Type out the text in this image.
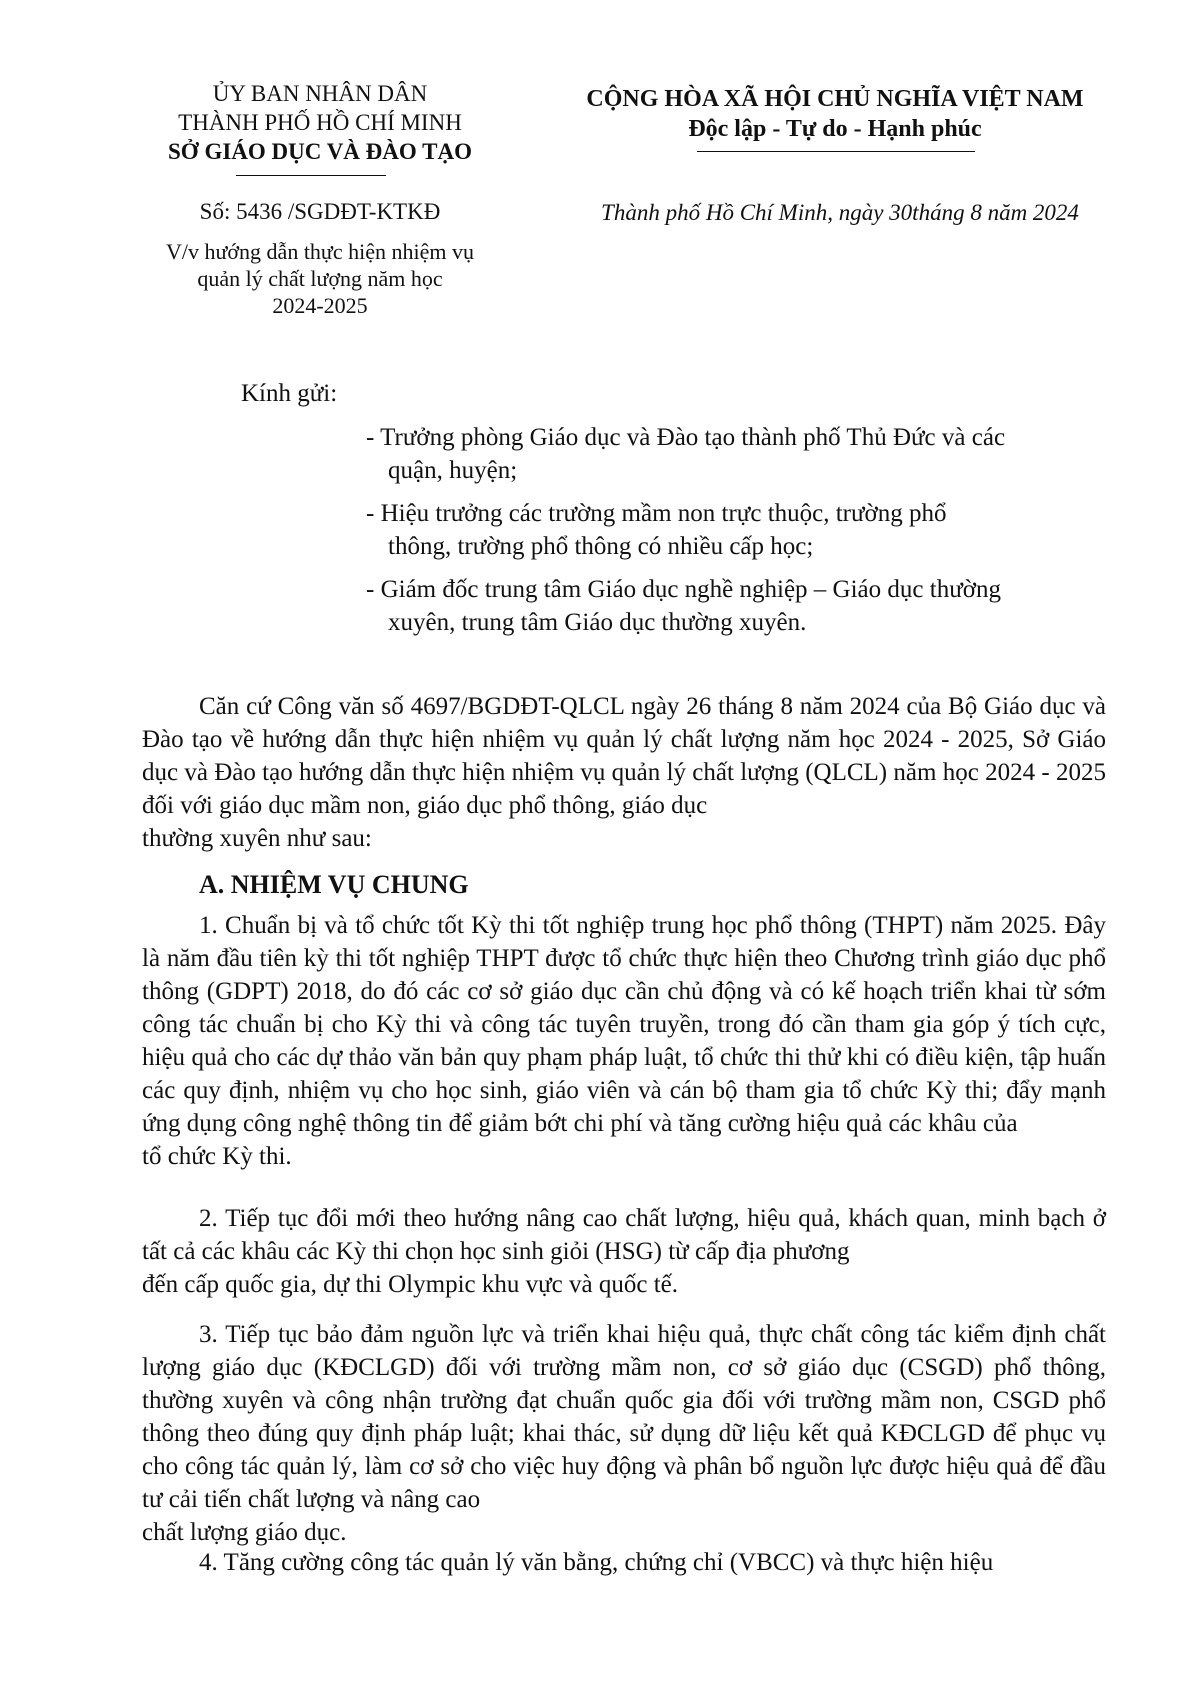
ỦY BAN NHÂN DÂN
THÀNH PHỐ HỒ CHÍ MINH
SỞ GIÁO DỤC VÀ ĐÀO TẠO
CỘNG HÒA XÃ HỘI CHỦ NGHĨA VIỆT NAM
Độc lập - Tự do - Hạnh phúc
Số: 5436 /SGDĐT-KTKĐ	Thành phố Hồ Chí Minh, ngày 30tháng 8 năm 2024
V/v hướng dẫn thực hiện nhiệm vụ
quản lý chất lượng năm học
2024-2025
Kính gửi:
- Trưởng phòng Giáo dục và Đào tạo thành phố Thủ Đức và các
quận, huyện;
- Hiệu trưởng các trường mầm non trực thuộc, trường phổ
thông, trường phổ thông có nhiều cấp học;
- Giám đốc trung tâm Giáo dục nghề nghiệp – Giáo dục thường
xuyên, trung tâm Giáo dục thường xuyên.
Căn cứ Công văn số 4697/BGDĐT-QLCL ngày 26 tháng 8 năm 2024 của Bộ Giáo dục và Đào tạo về hướng dẫn thực hiện nhiệm vụ quản lý chất lượng năm học 2024 - 2025, Sở Giáo dục và Đào tạo hướng dẫn thực hiện nhiệm vụ quản lý chất lượng (QLCL) năm học 2024 - 2025 đối với giáo dục mầm non, giáo dục phổ thông, giáo dục
thường xuyên như sau:
A. NHIỆM VỤ CHUNG
1. Chuẩn bị và tổ chức tốt Kỳ thi tốt nghiệp trung học phổ thông (THPT) năm 2025. Đây là năm đầu tiên kỳ thi tốt nghiệp THPT được tổ chức thực hiện theo Chương trình giáo dục phổ thông (GDPT) 2018, do đó các cơ sở giáo dục cần chủ động và có kế hoạch triển khai từ sớm công tác chuẩn bị cho Kỳ thi và công tác tuyên truyền, trong đó cần tham gia góp ý tích cực, hiệu quả cho các dự thảo văn bản quy phạm pháp luật, tổ chức thi thử khi có điều kiện, tập huấn các quy định, nhiệm vụ cho học sinh, giáo viên và cán bộ tham gia tổ chức Kỳ thi; đẩy mạnh ứng dụng công nghệ thông tin để giảm bớt chi phí và tăng cường hiệu quả các khâu của
tổ chức Kỳ thi.
2. Tiếp tục đổi mới theo hướng nâng cao chất lượng, hiệu quả, khách quan, minh bạch ở tất cả các khâu các Kỳ thi chọn học sinh giỏi (HSG) từ cấp địa phương
đến cấp quốc gia, dự thi Olympic khu vực và quốc tế.
3. Tiếp tục bảo đảm nguồn lực và triển khai hiệu quả, thực chất công tác kiểm định chất lượng giáo dục (KĐCLGD) đối với trường mầm non, cơ sở giáo dục (CSGD) phổ thông, thường xuyên và công nhận trường đạt chuẩn quốc gia đối với trường mầm non, CSGD phổ thông theo đúng quy định pháp luật; khai thác, sử dụng dữ liệu kết quả KĐCLGD để phục vụ cho công tác quản lý, làm cơ sở cho việc huy động và phân bổ nguồn lực được hiệu quả để đầu tư cải tiến chất lượng và nâng cao
chất lượng giáo dục.
4. Tăng cường công tác quản lý văn bằng, chứng chỉ (VBCC) và thực hiện hiệu
